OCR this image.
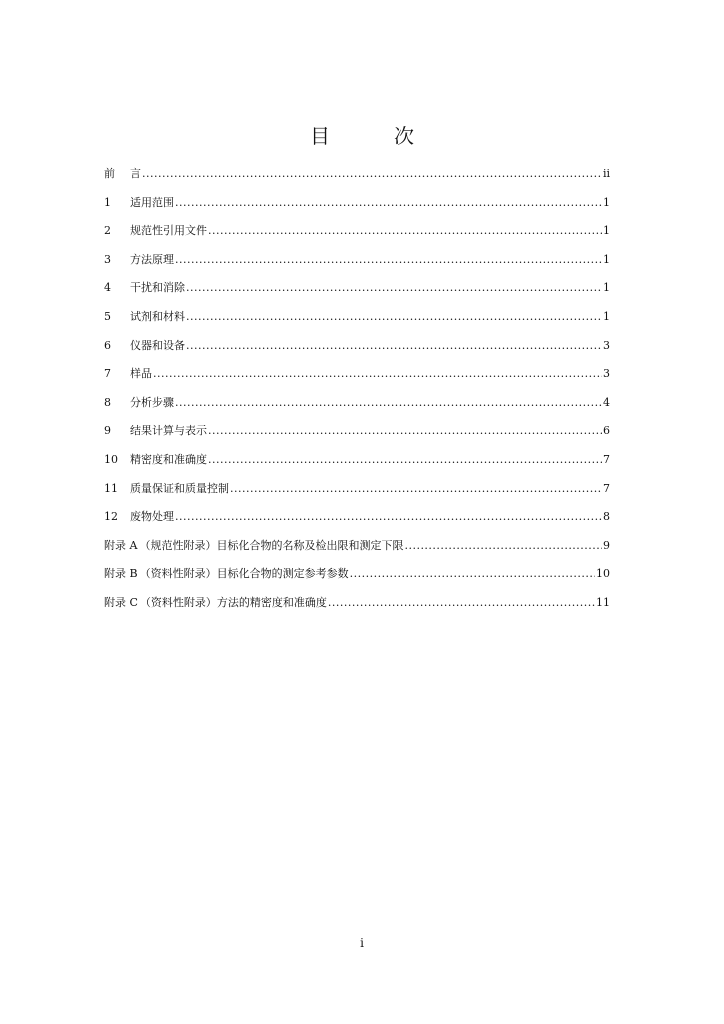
目　次
前	言 .....	ii
1	适用范围 .....	1
2	规范性引用文件 .....	1
3	方法原理 .....	1
4	干扰和消除 .....	1
5	试剂和材料 .....	1
6	仪器和设备 .....	3
7	样品 .....	3
8	分析步骤 .....	4
9	结果计算与表示 .....	6
10	精密度和准确度 .....	7
11	质量保证和质量控制 .....	7
12	废物处理 .....	8
附录 A （规范性附录）目标化合物的名称及检出限和测定下限 .....	9
附录 B （资料性附录）目标化合物的测定参考参数 .....	10
附录 C （资料性附录）方法的精密度和准确度 .....	11
i
